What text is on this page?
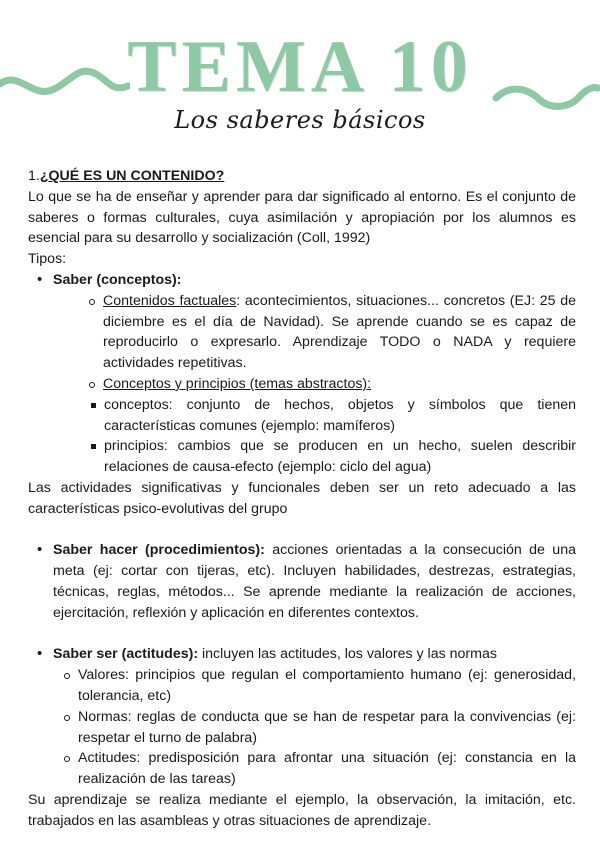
TEMA 10
Los saberes básicos

1.¿QUÉ ES UN CONTENIDO?

Lo que se ha de enseñar y aprender para dar significado al entorno. Es el conjunto de saberes o formas culturales, cuya asimilación y apropiación por los alumnos es esencial para su desarrollo y socialización (Coll, 1992)

Tipos:

• Saber (conceptos):
Contenidos factuales: acontecimientos, situaciones... concretos (EJ: 25 de diciembre es el día de Navidad). Se aprende cuando se es capaz de reproducirlo o expresarlo. Aprendizaje TODO o NADA y requiere actividades repetitivas.
Conceptos y principios (temas abstractos):
conceptos: conjunto de hechos, objetos y símbolos que tienen características comunes (ejemplo: mamíferos)
principios: cambios que se producen en un hecho, suelen describir relaciones de causa-efecto (ejemplo: ciclo del agua)

Las actividades significativas y funcionales deben ser un reto adecuado a las características psico-evolutivas del grupo

• Saber hacer (procedimientos): acciones orientadas a la consecución de una meta (ej: cortar con tijeras, etc). Incluyen habilidades, destrezas, estrategias, técnicas, reglas, métodos... Se aprende mediante la realización de acciones, ejercitación, reflexión y aplicación en diferentes contextos.
• Saber ser (actitudes): incluyen las actitudes, los valores y las normas
Valores: principios que regulan el comportamiento humano (ej: generosidad, tolerancia, etc)
Normas: reglas de conducta que se han de respetar para la convivencias (ej: respetar el turno de palabra)
Actitudes: predisposición para afrontar una situación (ej: constancia en la realización de las tareas)

Su aprendizaje se realiza mediante el ejemplo, la observación, la imitación, etc. trabajados en las asambleas y otras situaciones de aprendizaje.
